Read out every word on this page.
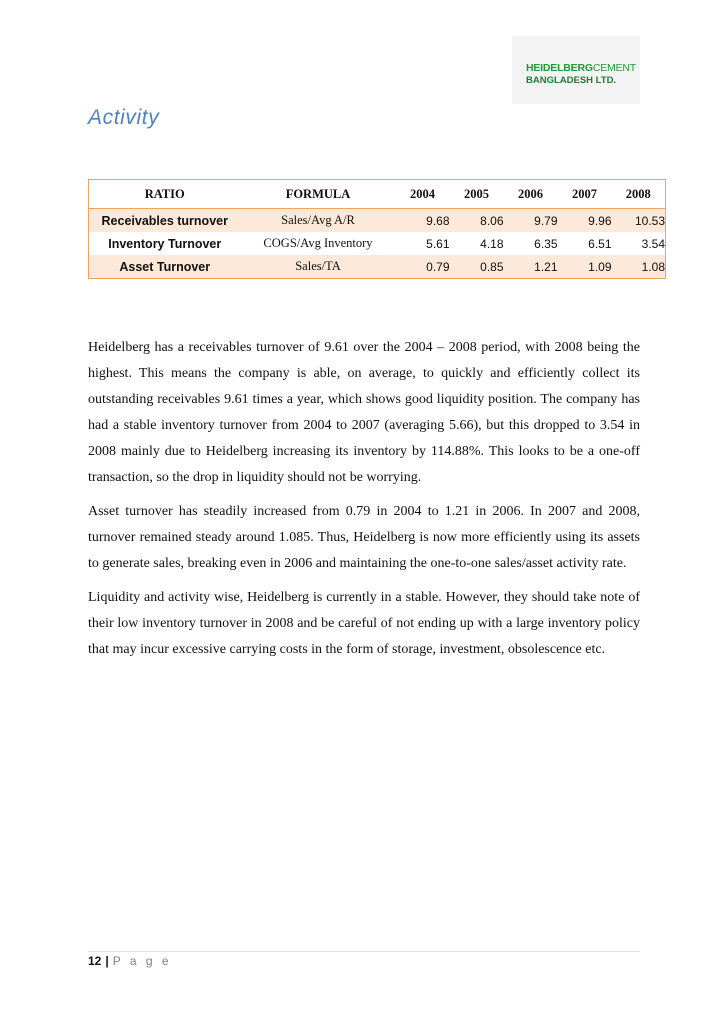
HEIDELBERGCEMENT
BANGLADESH LTD.
Activity
RATIO	FORMULA	2004	2005	2006	2007	2008
Receivables turnover	Sales/Avg A/R	9.68	8.06	9.79	9.96	10.53
Inventory Turnover	COGS/Avg Inventory	5.61	4.18	6.35	6.51	3.54
Asset Turnover	Sales/TA	0.79	0.85	1.21	1.09	1.08

Heidelberg has a receivables turnover of 9.61 over the 2004 – 2008 period, with 2008 being the highest. This means the company is able, on average, to quickly and efficiently collect its outstanding receivables 9.61 times a year, which shows good liquidity position. The company has had a stable inventory turnover from 2004 to 2007 (averaging 5.66), but this dropped to 3.54 in 2008 mainly due to Heidelberg increasing its inventory by 114.88%. This looks to be a one-off transaction, so the drop in liquidity should not be worrying.

Asset turnover has steadily increased from 0.79 in 2004 to 1.21 in 2006. In 2007 and 2008, turnover remained steady around 1.085. Thus, Heidelberg is now more efficiently using its assets to generate sales, breaking even in 2006 and maintaining the one-to-one sales/asset activity rate.

Liquidity and activity wise, Heidelberg is currently in a stable. However, they should take note of their low inventory turnover in 2008 and be careful of not ending up with a large inventory policy that may incur excessive carrying costs in the form of storage, investment, obsolescence etc.

12 | P a g e
